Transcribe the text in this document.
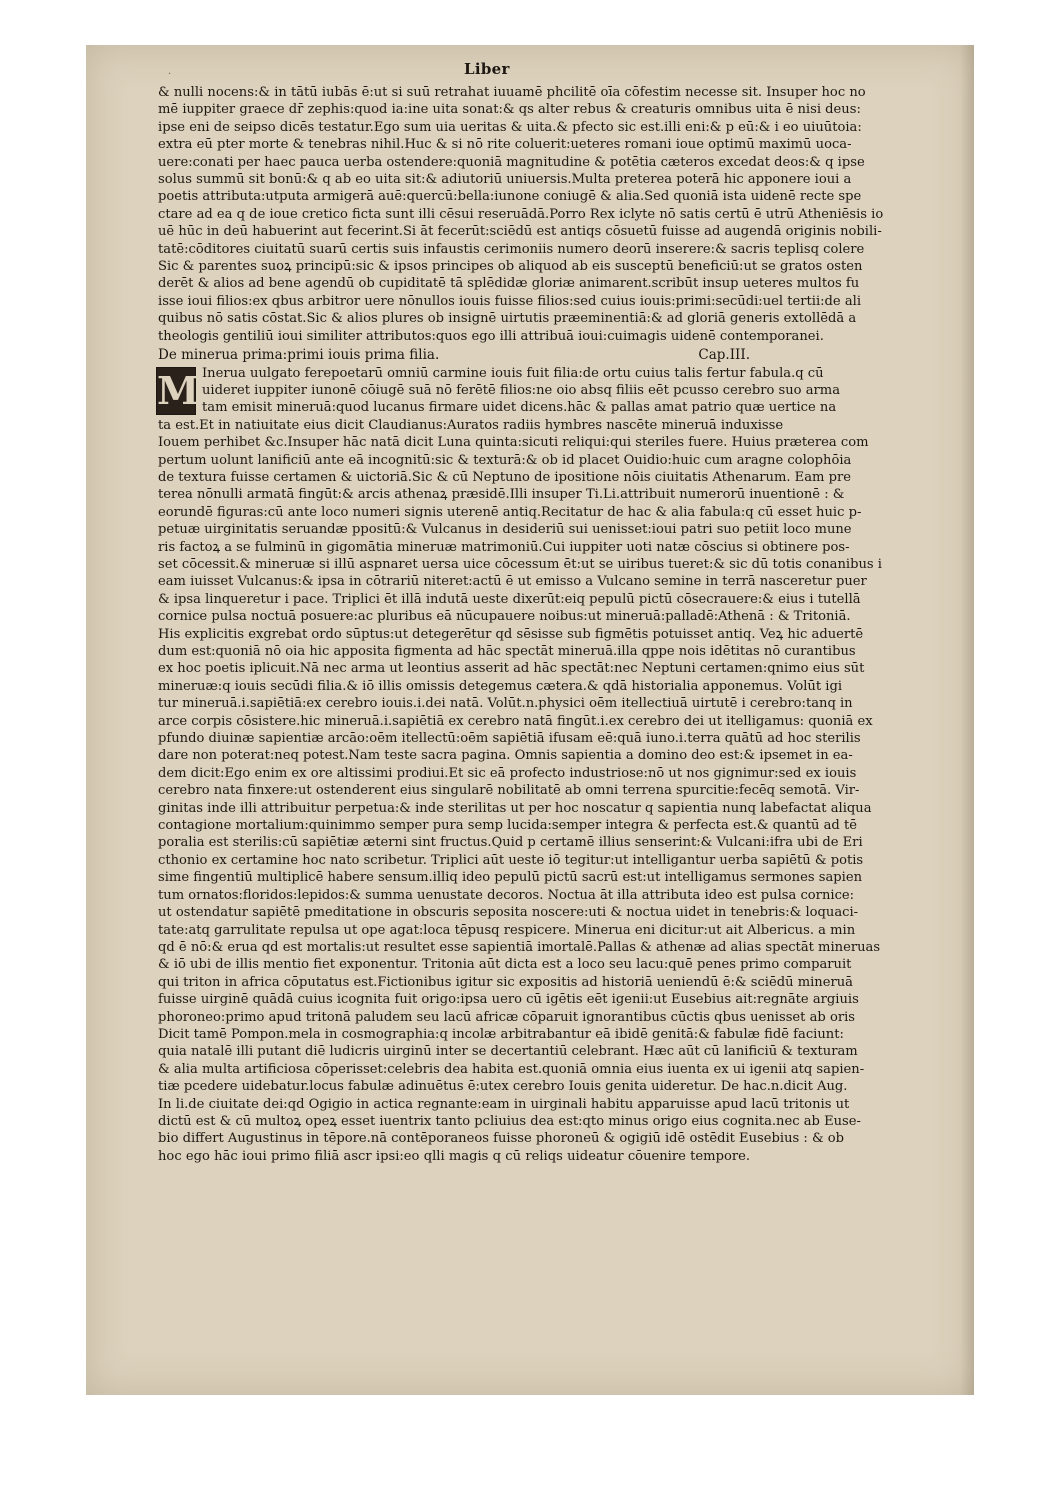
.	Liber
& nulli nocens:& in tātū iubās ē:ut si suū retrahat iuuamē phcilitē oīa cōfestim necesse sit. Insuper hoc no
mē iuppiter graece dr̄ zephis:quod ia:ine uita sonat:& qs alter rebus & creaturis omnibus uita ē nisi deus:
ipse eni de seipso dicēs testatur.Ego sum uia ueritas & uita.& pfecto sic est.illi eni:& p eū:& i eo uiuūtoia:
extra eū pter morte & tenebras nihil.Huc & si nō rite coluerit:ueteres romani ioue optimū maximū uoca-
uere:conati per haec pauca uerba ostendere:quoniā magnitudine & potētia cæteros excedat deos:& q ipse
solus summū sit bonū:& q ab eo uita sit:& adiutoriū uniuersis.Multa preterea poterā hic apponere ioui a
poetis attributa:utputa armigerā auē:quercū:bella:iunone coniugē & alia.Sed quoniā ista uidenē recte spe
ctare ad ea q de ioue cretico ficta sunt illi cēsui reseruādā.Porro Rex iclyte nō satis certū ē utrū Atheniēsis io
uē hūc in deū habuerint aut fecerint.Si āt fecerūt:sciēdū est antiqs cōsuetū fuisse ad augendā originis nobili-
tatē:cōditores ciuitatū suarū certis suis infaustis cerimoniis numero deorū inserere:& sacris teplisq colere
Sic & parentes suoꝝ principū:sic & ipsos principes ob aliquod ab eis susceptū beneficiū:ut se gratos osten
derēt & alios ad bene agendū ob cupiditatē tā splēdidæ gloriæ animarent.scribūt insup ueteres multos fu
isse ioui filios:ex qbus arbitror uere nōnullos iouis fuisse filios:sed cuius iouis:primi:secūdi:uel tertii:de ali
quibus nō satis cōstat.Sic & alios plures ob insignē uirtutis præeminentiā:& ad gloriā generis extollēdā a
theologis gentiliū ioui similiter attributos:quos ego illi attribuā ioui:cuimagis uidenē contemporanei.
De minerua prima:primi iouis prima filia.	Cap.III.
M Inerua uulgato ferepoetarū omniū carmine iouis fuit filia:de ortu cuius talis fertur fabula.q cū
uideret iuppiter iunonē cōiugē suā nō ferētē filios:ne oio absq filiis eēt pcusso cerebro suo arma
tam emisit mineruā:quod lucanus firmare uidet dicens.hāc & pallas amat patrio quæ uertice na
ta est.Et in natiuitate eius dicit Claudianus:Auratos radiis hymbres nascēte mineruā induxisse
Iouem perhibet &c.Insuper hāc natā dicit Luna quinta:sicuti reliqui:qui steriles fuere. Huius præterea com
pertum uolunt lanificiū ante eā incognitū:sic & texturā:& ob id placet Ouidio:huic cum aragne colophōia
de textura fuisse certamen & uictoriā.Sic & cū Neptuno de ipositione nōis ciuitatis Athenarum. Eam pre
terea nōnulli armatā fingūt:& arcis athenaꝝ præsidē.Illi insuper Ti.Li.attribuit numerorū inuentionē : &
eorundē figuras:cū ante loco numeri signis uterenē antiq.Recitatur de hac & alia fabula:q cū esset huic p-
petuæ uirginitatis seruandæ ppositū:& Vulcanus in desideriū sui uenisset:ioui patri suo petiit loco mune
ris factoꝝ a se fulminū in gigomātia mineruæ matrimoniū.Cui iuppiter uoti natæ cōscius si obtinere pos-
set cōcessit.& mineruæ si illū aspnaret uersa uice cōcessum ēt:ut se uiribus tueret:& sic dū totis conanibus i
eam iuisset Vulcanus:& ipsa in cōtrariū niteret:actū ē ut emisso a Vulcano semine in terrā nasceretur puer
& ipsa linqueretur i pace. Triplici ēt illā indutā ueste dixerūt:eiq pepulū pictū cōsecrauere:& eius i tutellā
cornice pulsa noctuā posuere:ac pluribus eā nūcupauere noibus:ut mineruā:palladē:Athenā : & Tritoniā.
His explicitis exgrebat ordo sūptus:ut detegerētur qd sēsisse sub figmētis potuisset antiq. Veꝝ hic aduertē
dum est:quoniā nō oia hic apposita figmenta ad hāc spectāt mineruā.illa qppe nois idētitas nō curantibus
ex hoc poetis iplicuit.Nā nec arma ut leontius asserit ad hāc spectāt:nec Neptuni certamen:qnimo eius sūt
mineruæ:q iouis secūdi filia.& iō illis omissis detegemus cætera.& qdā historialia apponemus. Volūt igi
tur mineruā.i.sapiētiā:ex cerebro iouis.i.dei natā. Volūt.n.physici oēm itellectiuā uirtutē i cerebro:tanq in
arce corpis cōsistere.hic mineruā.i.sapiētiā ex cerebro natā fingūt.i.ex cerebro dei ut itelligamus: quoniā ex
pfundo diuinæ sapientiæ arcāo:oēm itellectū:oēm sapiētiā ifusam eē:quā iuno.i.terra quātū ad hoc sterilis
dare non poterat:neq potest.Nam teste sacra pagina. Omnis sapientia a domino deo est:& ipsemet in ea-
dem dicit:Ego enim ex ore altissimi prodiui.Et sic eā profecto industriose:nō ut nos gignimur:sed ex iouis
cerebro nata finxere:ut ostenderent eius singularē nobilitatē ab omni terrena spurcitie:fecēq semotā. Vir-
ginitas inde illi attribuitur perpetua:& inde sterilitas ut per hoc noscatur q sapientia nunq labefactat aliqua
contagione mortalium:quinimmo semper pura semp lucida:semper integra & perfecta est.& quantū ad tē
poralia est sterilis:cū sapiētiæ æterni sint fructus.Quid p certamē illius senserint:& Vulcani:ifra ubi de Eri
cthonio ex certamine hoc nato scribetur. Triplici aūt ueste iō tegitur:ut intelligantur uerba sapiētū & potis
sime fingentiū multiplicē habere sensum.illiq ideo pepulū pictū sacrū est:ut intelligamus sermones sapien
tum ornatos:floridos:lepidos:& summa uenustate decoros. Noctua āt illa attributa ideo est pulsa cornice:
ut ostendatur sapiētē pmeditatione in obscuris seposita noscere:uti & noctua uidet in tenebris:& loquaci-
tate:atq garrulitate repulsa ut ope agat:loca tēpusq respicere. Minerua eni dicitur:ut ait Albericus. a min
qd ē nō:& erua qd est mortalis:ut resultet esse sapientiā imortalē.Pallas & athenæ ad alias spectāt mineruas
& iō ubi de illis mentio fiet exponentur. Tritonia aūt dicta est a loco seu lacu:quē penes primo comparuit
qui triton in africa cōputatus est.Fictionibus igitur sic expositis ad historiā ueniendū ē:& sciēdū mineruā
fuisse uirginē quādā cuius icognita fuit origo:ipsa uero cū igētis eēt igenii:ut Eusebius ait:regnāte argiuis
phoroneo:primo apud tritonā paludem seu lacū africæ cōparuit ignorantibus cūctis qbus uenisset ab oris
Dicit tamē Pompon.mela in cosmographia:q incolæ arbitrabantur eā ibidē genitā:& fabulæ fidē faciunt:
quia natalē illi putant diē ludicris uirginū inter se decertantiū celebrant. Hæc aūt cū lanificiū & texturam
& alia multa artificiosa cōperisset:celebris dea habita est.quoniā omnia eius iuenta ex ui igenii atq sapien-
tiæ pcedere uidebatur.locus fabulæ adinuētus ē:utex cerebro Iouis genita uideretur. De hac.n.dicit Aug.
In li.de ciuitate dei:qd Ogigio in actica regnante:eam in uirginali habitu apparuisse apud lacū tritonis ut
dictū est & cū multoꝝ opeꝝ esset iuentrix tanto pcliuius dea est:qto minus origo eius cognita.nec ab Euse-
bio differt Augustinus in tēpore.nā contēporaneos fuisse phoroneū & ogigiū idē ostēdit Eusebius : & ob
hoc ego hāc ioui primo filiā ascr ipsi:eo qlli magis q cū reliqs uideatur cōuenire tempore.
